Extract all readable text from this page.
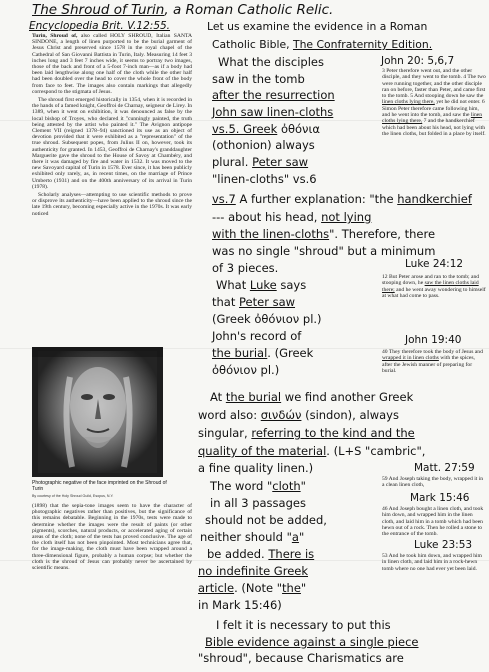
The Shroud of Turin, a Roman Catholic Relic.
Encyclopedia Brit. V.12:55.	Let us examine the evidence in a Roman
Catholic Bible, The Confraternity Edition.
What the disciples	John 20: 5,6,7
saw in the tomb
after the resurrection
John saw linen-cloths
vs.5. Greek ὀθόνια
(othonion) always
plural. Peter saw
"linen-cloths" vs.6
3 Peter therefore went out, and the other disciple, and they went to the tomb. 4 The two were running together, and the other disciple ran on before, faster than Peter, and came first to the tomb. 5 And stooping down he saw the linen cloths lying there, yet he did not enter. 6 Simon Peter therefore came following him, and he went into the tomb, and saw the linen cloths lying there, 7 and the handkerchief which had been about his head, not lying with the linen cloths, but folded in a place by itself.
vs.7 A further explanation: "the handkerchief
--- about his head, not lying
with the linen-cloths". Therefore, there
was no single "shroud" but a minimum
of 3 pieces.	Luke 24:12
What Luke says
that Peter saw
(Greek ὀθόνιον pl.)
12 But Peter arose and ran to the tomb; and stooping down, he saw the linen cloths laid there; and he went away wondering to himself at what had come to pass.
John's record of	John 19:40
the burial. (Greek
ὀθόνιον pl.)
40 They therefore took the body of Jesus and wrapped it in linen cloths with the spices, after the Jewish manner of preparing for burial.
At the burial we find another Greek
word also: σινδών (sindon), always
singular, referring to the kind and the
quality of the material. (L+S "cambric",
a fine quality linen.)	Matt. 27:59
The word "cloth"	59 And Joseph taking the body, wrapped it in a clean linen cloth,
in all 3 passages	Mark 15:46
should not be added,
neither should "a"
be added. There is
no indefinite Greek
46 And Joseph bought a linen cloth, and took him down, and wrapped him in the linen cloth, and laid him in a tomb which had been hewn out of a rock. Then he rolled a stone to the entrance of the tomb.
Luke 23:53
53 And he took him down, and wrapped him in linen cloth, and laid him in a rock-hewn tomb where no one had ever yet been laid.
article. (Note "the"
in Mark 15:46)
I felt it is necessary to put this
Bible evidence against a single piece
"shroud", because Charismatics are

Turin, Shroud of, also called HOLY SHROUD, Italian SANTA SINDONE, a length of linen purported to be the burial garment of Jesus Christ and preserved since 1578 in the royal chapel of the Cathedral of San Giovanni Battista in Turin, Italy. Measuring 14 feet 3 inches long and 3 feet 7 inches wide, it seems to portray two images, those of the back and front of a 5-foot 7-inch man—as if a body had been laid lengthwise along one half of the cloth while the other half had been doubled over the head to cover the whole front of the body from face to feet. The images also contain markings that allegedly correspond to the stigmata of Jesus.

The shroud first emerged historically in 1354, when it is recorded in the hands of a famed knight, Geoffroi de Charnay, seigneur de Lirey. In 1389, when it went on exhibition, it was denounced as false by the local bishop of Troyes, who declared it "cunningly painted, the truth being attested by the artist who painted it." The Avignon antipope Clement VII (reigned 1378–94) sanctioned its use as an object of devotion provided that it were exhibited as a "representation" of the true shroud. Subsequent popes, from Julius II on, however, took its authenticity for granted. In 1453, Geoffroi de Charnay's granddaughter Marguerite gave the shroud to the House of Savoy at Chambéry, and there it was damaged by fire and water in 1532. It was moved to the new Savoyard capital of Turin in 1578. Ever since, it has been publicly exhibited only rarely, as, in recent times, on the marriage of Prince Umberto (1931) and on the 400th anniversary of its arrival in Turin (1978).

Scholarly analyses—attempting to use scientific methods to prove or disprove its authenticity—have been applied to the shroud since the late 19th century, becoming especially active in the 1970s. It was early noticed

Photographic negative of the face imprinted on the Shroud of Turin
By courtesy of the Holy Shroud Guild, Esopus, N.Y.

(1898) that the sepia-tone images seem to have the character of photographic negatives rather than positives, but the significance of this remains debatable. Beginning in the 1970s, tests were made to determine whether the images were the result of paints (or other pigments), scorches, natural products, or accelerated aging of certain areas of the cloth; none of the tests has proved conclusive. The age of the cloth itself has not been pinpointed. Most technicians agree that, for the image-making, the cloth must have been wrapped around a three-dimensional figure, probably a human corpse; but whether the cloth is the shroud of Jesus can probably never be ascertained by scientific means.
